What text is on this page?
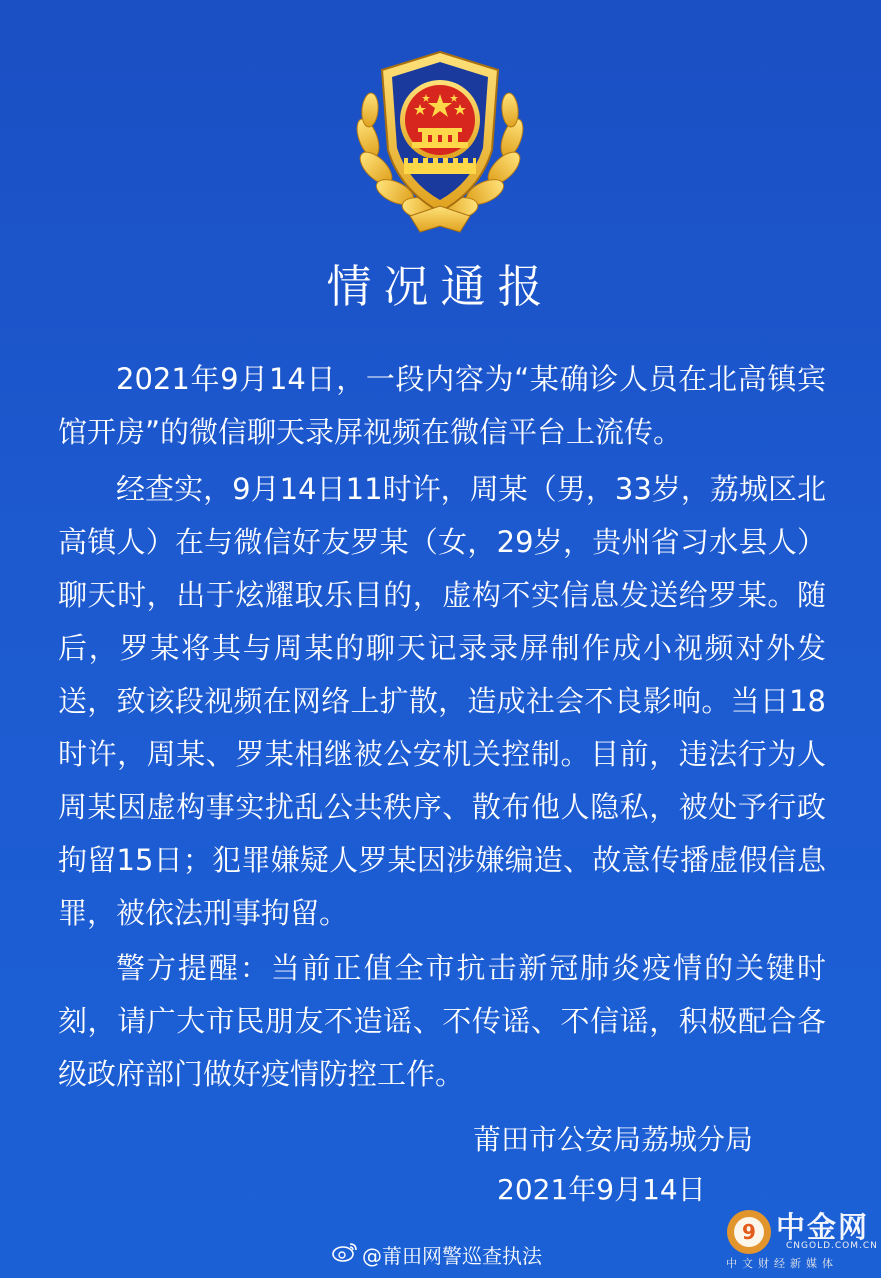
情况通报

2021年9月14日，一段内容为“某确诊人员在北高镇宾馆开房”的微信聊天录屏视频在微信平台上流传。

经查实，9月14日11时许，周某（男，33岁，荔城区北高镇人）在与微信好友罗某（女，29岁，贵州省习水县人）聊天时，出于炫耀取乐目的，虚构不实信息发送给罗某。随后，罗某将其与周某的聊天记录录屏制作成小视频对外发送，致该段视频在网络上扩散，造成社会不良影响。当日18时许，周某、罗某相继被公安机关控制。目前，违法行为人周某因虚构事实扰乱公共秩序、散布他人隐私，被处予行政拘留15日；犯罪嫌疑人罗某因涉嫌编造、故意传播虚假信息罪，被依法刑事拘留。

警方提醒：当前正值全市抗击新冠肺炎疫情的关键时刻，请广大市民朋友不造谣、不传谣、不信谣，积极配合各级政府部门做好疫情防控工作。

莆田市公安局荔城分局
2021年9月14日
@莆田网警巡查执法
9 中金网
CNGOLD.COM.CN
中文财经新媒体
